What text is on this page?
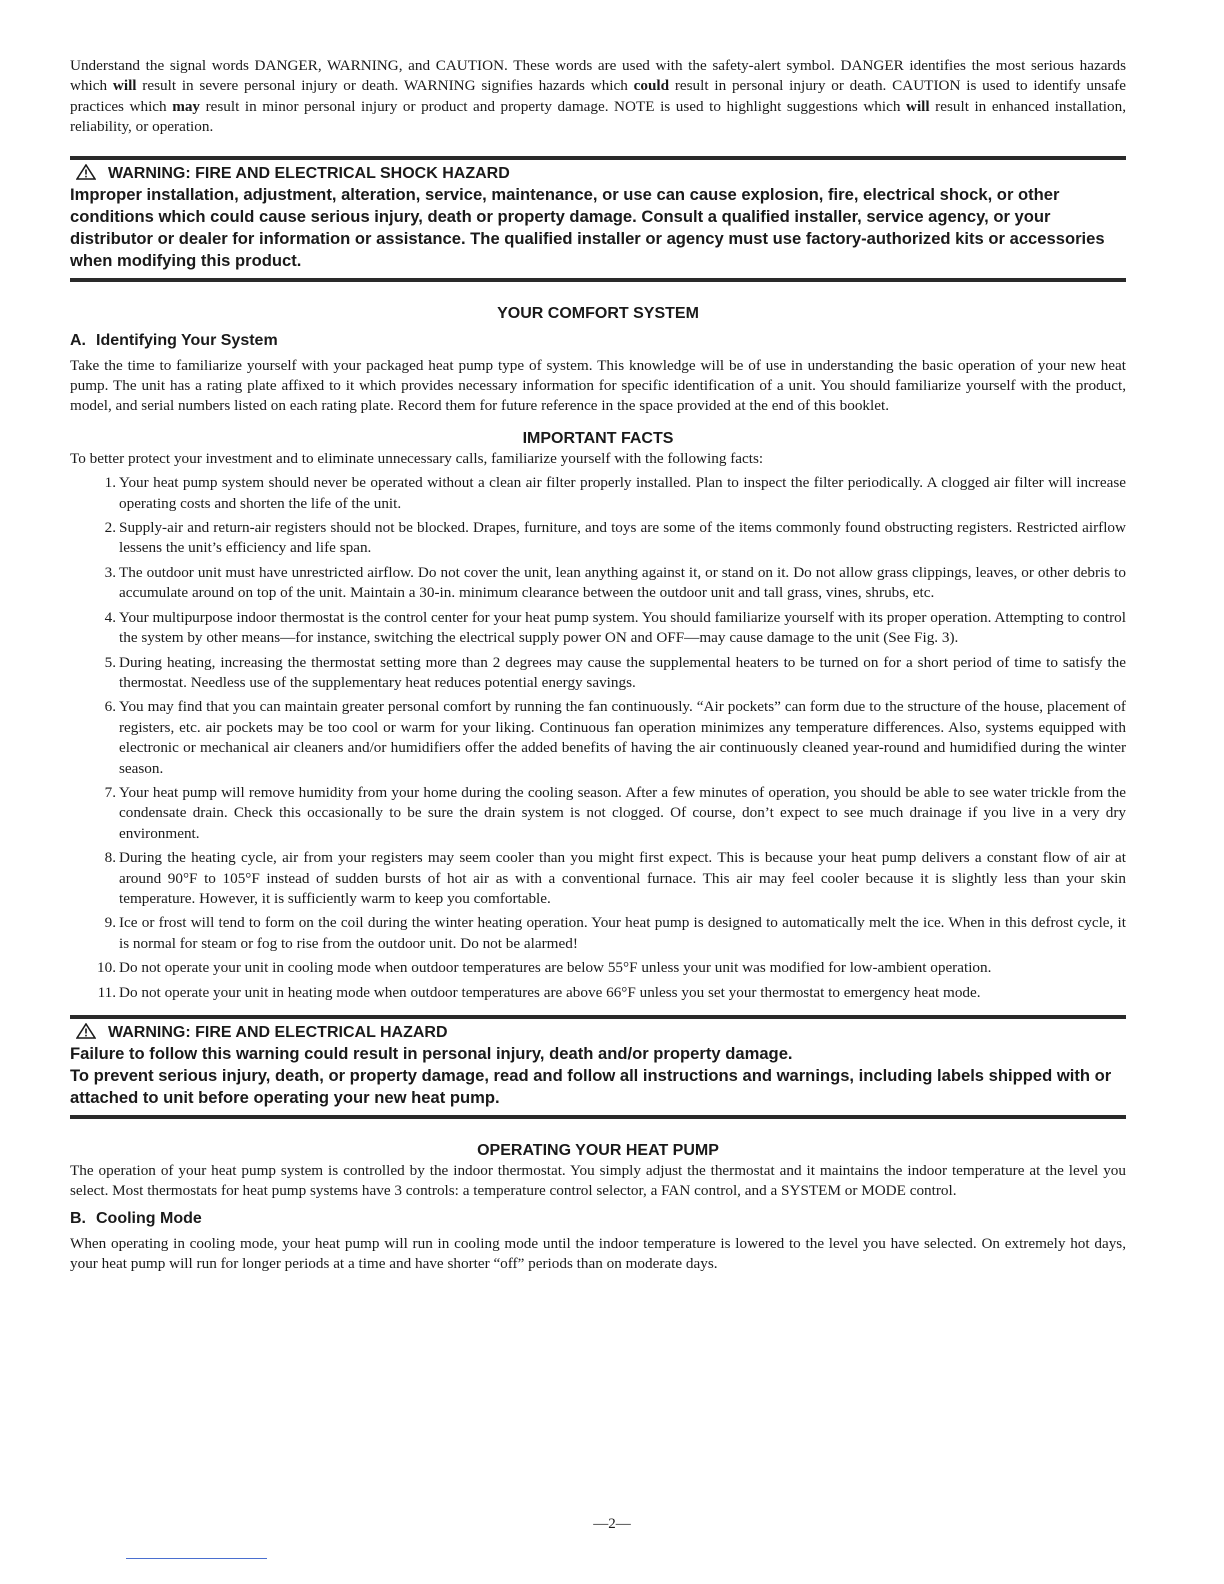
Understand the signal words DANGER, WARNING, and CAUTION. These words are used with the safety-alert symbol. DANGER identifies the most serious hazards which will result in severe personal injury or death. WARNING signifies hazards which could result in personal injury or death. CAUTION is used to identify unsafe practices which may result in minor personal injury or product and property damage. NOTE is used to highlight suggestions which will result in enhanced installation, reliability, or operation.

WARNING: FIRE AND ELECTRICAL SHOCK HAZARD

Improper installation, adjustment, alteration, service, maintenance, or use can cause explosion, fire, electrical shock, or other conditions which could cause serious injury, death or property damage. Consult a qualified installer, service agency, or your distributor or dealer for information or assistance. The qualified installer or agency must use factory-authorized kits or accessories when modifying this product.

YOUR COMFORT SYSTEM
A. Identifying Your System

Take the time to familiarize yourself with your packaged heat pump type of system. This knowledge will be of use in understanding the basic operation of your new heat pump. The unit has a rating plate affixed to it which provides necessary information for specific identification of a unit. You should familiarize yourself with the product, model, and serial numbers listed on each rating plate. Record them for future reference in the space provided at the end of this booklet.

IMPORTANT FACTS

To better protect your investment and to eliminate unnecessary calls, familiarize yourself with the following facts:

1. Your heat pump system should never be operated without a clean air filter properly installed. Plan to inspect the filter periodically. A clogged air filter will increase operating costs and shorten the life of the unit.
2. Supply-air and return-air registers should not be blocked. Drapes, furniture, and toys are some of the items commonly found obstructing registers. Restricted airflow lessens the unit’s efficiency and life span.
3. The outdoor unit must have unrestricted airflow. Do not cover the unit, lean anything against it, or stand on it. Do not allow grass clippings, leaves, or other debris to accumulate around on top of the unit. Maintain a 30-in. minimum clearance between the outdoor unit and tall grass, vines, shrubs, etc.
4. Your multipurpose indoor thermostat is the control center for your heat pump system. You should familiarize yourself with its proper operation. Attempting to control the system by other means—for instance, switching the electrical supply power ON and OFF—may cause damage to the unit (See Fig. 3).
5. During heating, increasing the thermostat setting more than 2 degrees may cause the supplemental heaters to be turned on for a short period of time to satisfy the thermostat. Needless use of the supplementary heat reduces potential energy savings.
6. You may find that you can maintain greater personal comfort by running the fan continuously. “Air pockets” can form due to the structure of the house, placement of registers, etc. air pockets may be too cool or warm for your liking. Continuous fan operation minimizes any temperature differences. Also, systems equipped with electronic or mechanical air cleaners and/or humidifiers offer the added benefits of having the air continuously cleaned year-round and humidified during the winter season.
7. Your heat pump will remove humidity from your home during the cooling season. After a few minutes of operation, you should be able to see water trickle from the condensate drain. Check this occasionally to be sure the drain system is not clogged. Of course, don’t expect to see much drainage if you live in a very dry environment.
8. During the heating cycle, air from your registers may seem cooler than you might first expect. This is because your heat pump delivers a constant flow of air at around 90°F to 105°F instead of sudden bursts of hot air as with a conventional furnace. This air may feel cooler because it is slightly less than your skin temperature. However, it is sufficiently warm to keep you comfortable.
9. Ice or frost will tend to form on the coil during the winter heating operation. Your heat pump is designed to automatically melt the ice. When in this defrost cycle, it is normal for steam or fog to rise from the outdoor unit. Do not be alarmed!
10. Do not operate your unit in cooling mode when outdoor temperatures are below 55°F unless your unit was modified for low-ambient operation.
11. Do not operate your unit in heating mode when outdoor temperatures are above 66°F unless you set your thermostat to emergency heat mode.
WARNING: FIRE AND ELECTRICAL HAZARD

Failure to follow this warning could result in personal injury, death and/or property damage.

To prevent serious injury, death, or property damage, read and follow all instructions and warnings, including labels shipped with or attached to unit before operating your new heat pump.

OPERATING YOUR HEAT PUMP

The operation of your heat pump system is controlled by the indoor thermostat. You simply adjust the thermostat and it maintains the indoor temperature at the level you select. Most thermostats for heat pump systems have 3 controls: a temperature control selector, a FAN control, and a SYSTEM or MODE control.

B. Cooling Mode

When operating in cooling mode, your heat pump will run in cooling mode until the indoor temperature is lowered to the level you have selected. On extremely hot days, your heat pump will run for longer periods at a time and have shorter “off” periods than on moderate days.

—2—
